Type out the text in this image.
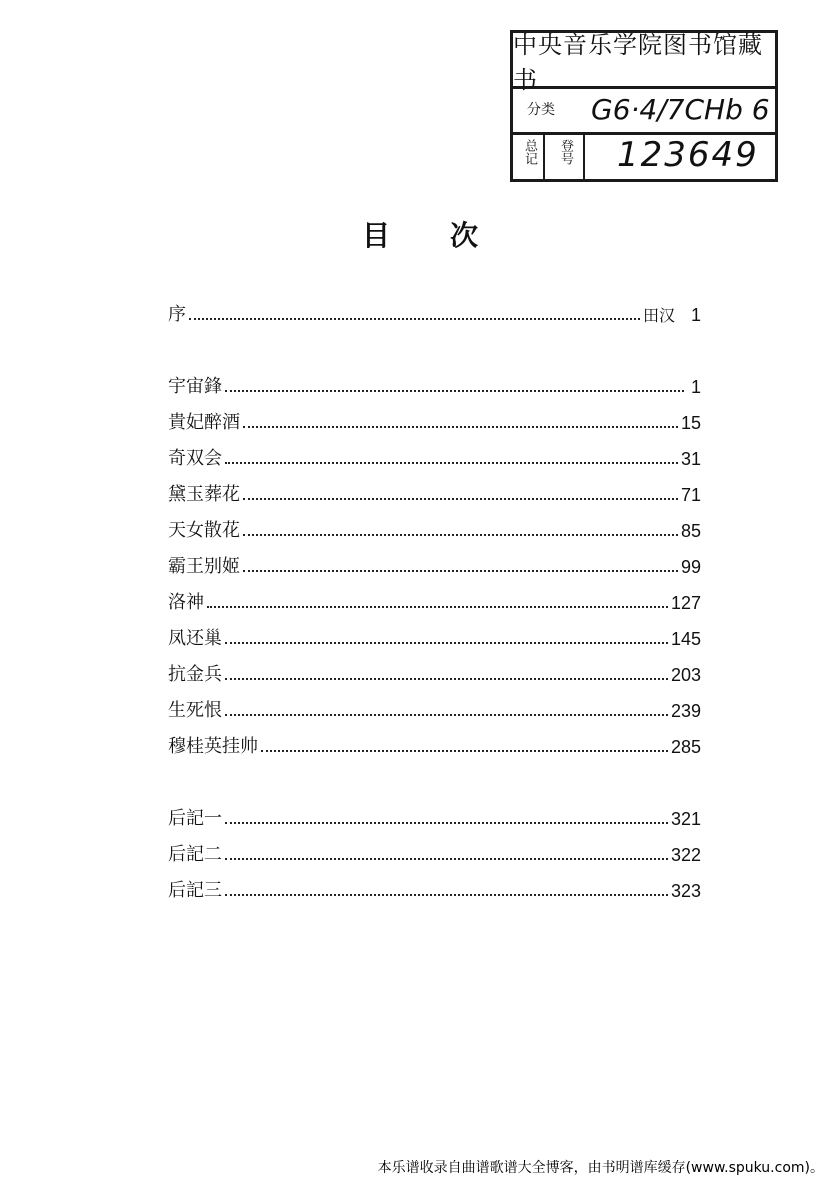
中央音乐学院图书馆藏书
分类 G6·4/7CHb 6
总记 登号 123649
目次
序	田汉 1
宇宙鋒	1
貴妃醉酒	15
奇双会	31
黛玉葬花	71
天女散花	85
霸王别姬	99
洛神	127
凤还巢	145
抗金兵	203
生死恨	239
穆桂英挂帅	285
后記一	321
后記二	322
后記三	323
本乐谱收录自曲谱歌谱大全博客，由书明谱库缓存(www.spuku.com)。
